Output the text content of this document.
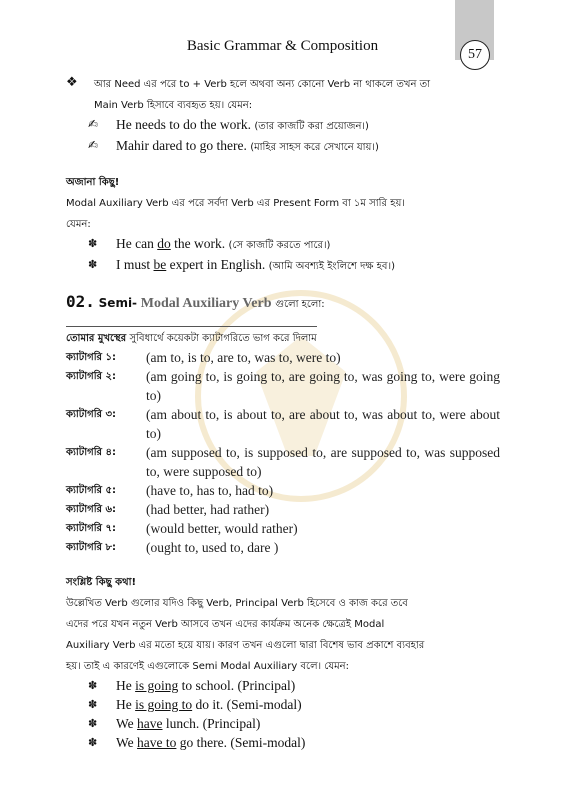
57
Basic Grammar & Composition
❖ আর Need এর পরে to + Verb হলে অথবা অন্য কোনো Verb না থাকলে তখন তা
Main Verb হিসাবে ব্যবহৃত হয়। যেমন:
✍ He needs to do the work. (তার কাজটি করা প্রয়োজন।)
✍ Mahir dared to go there. (মাহির সাহস করে সেখানে যায়।)
অজানা কিছু!
Modal Auxiliary Verb এর পরে সর্বদা Verb এর Present Form বা ১ম সারি হয়।
যেমন:
✽ He can do the work. (সে কাজটি করতে পারে।)
✽ I must be expert in English. (আমি অবশ্যই ইংলিশে দক্ষ হব।)
02. Semi- Modal Auxiliary Verb গুলো হলো:
তোমার মুখস্থের সুবিধার্থে কয়েকটা ক্যাটাগরিতে ভাগ করে দিলাম
ক্যাটাগরি ১:	(am to, is to, are to, was to, were to)
ক্যাটাগরি ২:	(am going to, is going to, are going to, was going to, were going to)
ক্যাটাগরি ৩:	(am about to, is about to, are about to, was about to, were about to)
ক্যাটাগরি ৪:	(am supposed to, is supposed to, are supposed to, was supposed to, were supposed to)
ক্যাটাগরি ৫:	(have to, has to, had to)
ক্যাটাগরি ৬:	(had better, had rather)
ক্যাটাগরি ৭:	(would better, would rather)
ক্যাটাগরি ৮:	(ought to, used to, dare )
সংশ্লিষ্ট কিছু কথা!
উল্লেখিত Verb গুলোর যদিও কিছু Verb, Principal Verb হিসেবে ও কাজ করে তবে
এদের পরে যখন নতুন Verb আসবে তখন এদের কার্যক্রম অনেক ক্ষেত্রেই Modal
Auxiliary Verb এর মতো হয়ে যায়। কারণ তখন এগুলো দ্বারা বিশেষ ভাব প্রকাশে ব্যবহার
হয়। তাই এ কারণেই এগুলোকে Semi Modal Auxiliary বলে। যেমন:
✽ He is going to school. (Principal)
✽ He is going to do it. (Semi-modal)
✽ We have lunch. (Principal)
✽ We have to go there. (Semi-modal)
